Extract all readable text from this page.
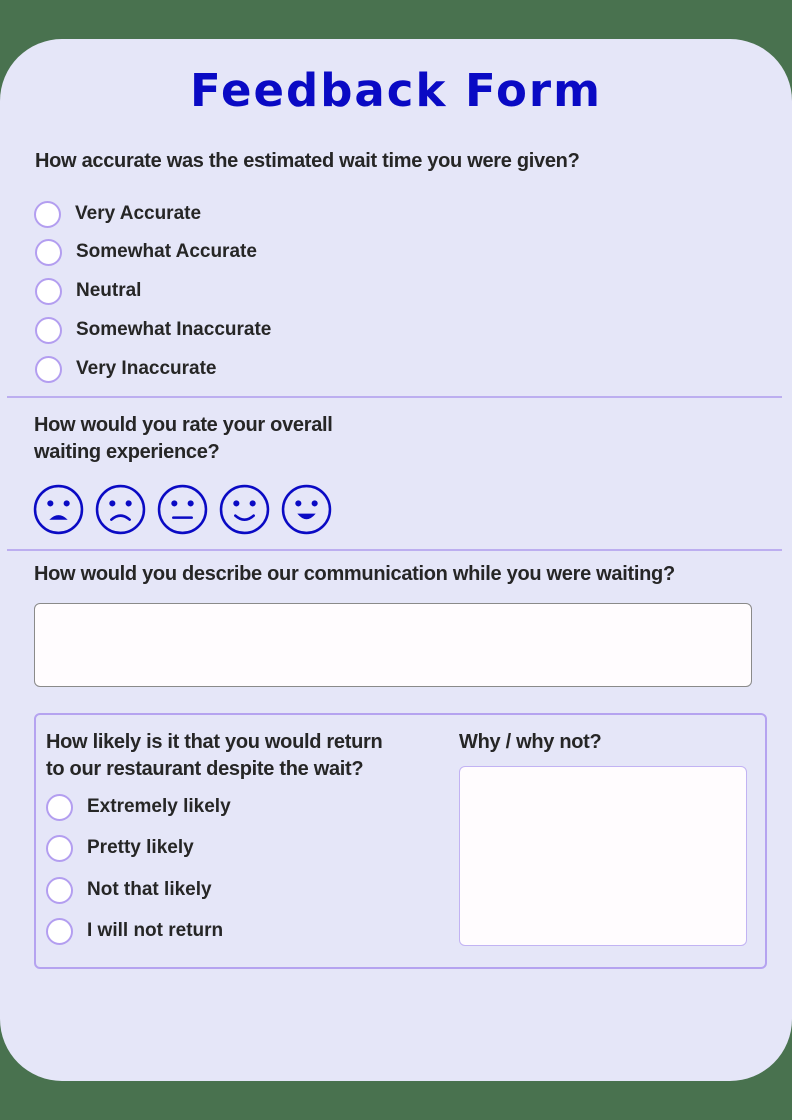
Feedback Form
How accurate was the estimated wait time you were given?
Very Accurate
Somewhat Accurate
Neutral
Somewhat Inaccurate
Very Inaccurate
How would you rate your overall
waiting experience?
How would you describe our communication while you were waiting?
How likely is it that you would return
to our restaurant despite the wait?
Extremely likely
Pretty likely
Not that likely
I will not return
Why / why not?
